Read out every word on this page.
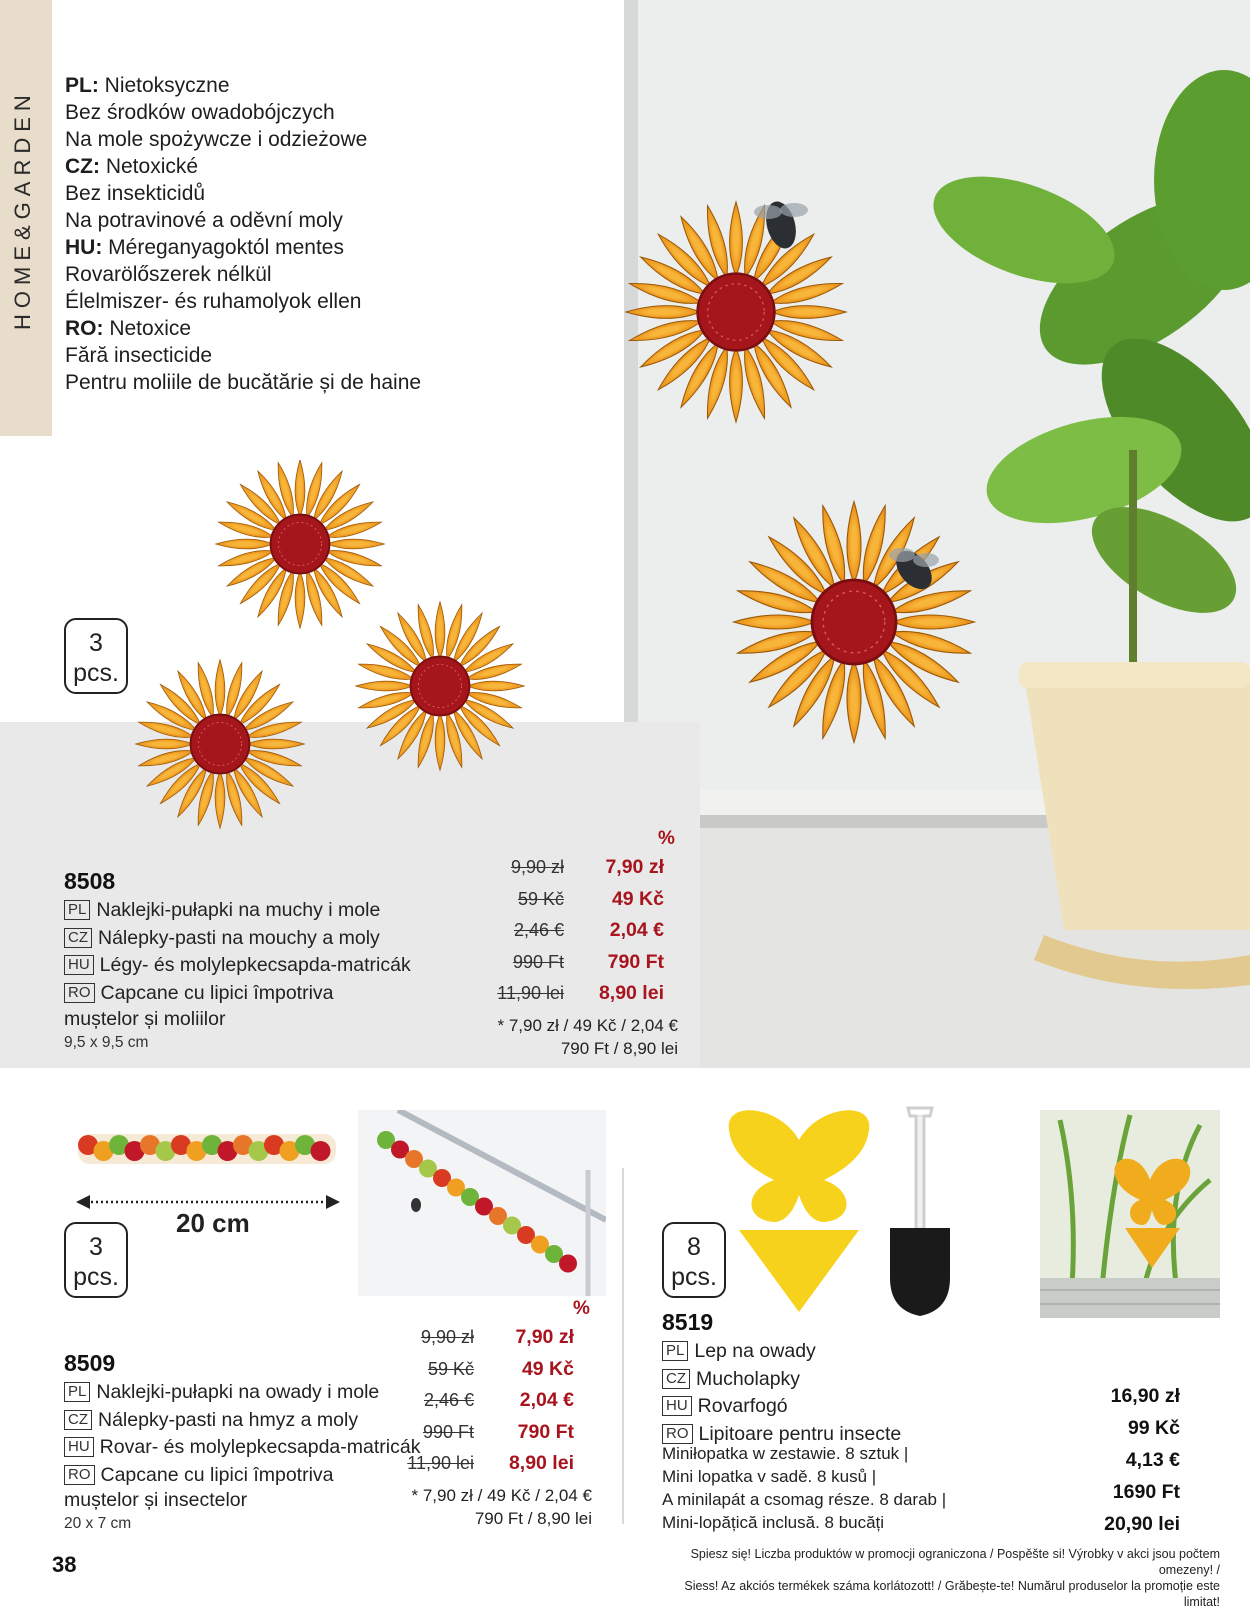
HOME&GARDEN
PL: Nietoksyczne
Bez środków owadobójczych
Na mole spożywcze i odzieżowe
CZ: Netoxické
Bez insekticidů
Na potravinové a oděvní moly
HU: Méreganyagoktól mentes
Rovarölőszerek nélkül
Élelmiszer- és ruhamolyok ellen
RO: Netoxice
Fără insecticide
Pentru moliile de bucătărie și de haine
3
pcs.
8508
PL Naklejki-pułapki na muchy i mole
CZ Nálepky-pasti na mouchy a moly
HU Légy- és molylepkecsapda-matricák
RO Capcane cu lipici împotriva
muștelor și moliilor
9,5 x 9,5 cm
%
9,90 zł	7,90 zł
59 Kč	49 Kč
2,46 €	2,04 €
990 Ft	790 Ft
11,90 lei	8,90 lei
* 7,90 zł / 49 Kč / 2,04 €
790 Ft / 8,90 lei
20 cm
3
pcs.
8509
PL Naklejki-pułapki na owady i mole
CZ Nálepky-pasti na hmyz a moly
HU Rovar- és molylepkecsapda-matricák
RO Capcane cu lipici împotriva
muștelor și insectelor
20 x 7 cm
%
9,90 zł	7,90 zł
59 Kč	49 Kč
2,46 €	2,04 €
990 Ft	790 Ft
11,90 lei	8,90 lei
* 7,90 zł / 49 Kč / 2,04 €
790 Ft / 8,90 lei
8
pcs.
8519
PL Lep na owady
CZ Mucholapky
HU Rovarfogó
RO Lipitoare pentru insecte
Miniłopatka w zestawie. 8 sztuk |
Mini lopatka v sadě. 8 kusů |
A minilapát a csomag része. 8 darab |
Mini-lopățică inclusă. 8 bucăți
16,90 zł
99 Kč
4,13 €
1690 Ft
20,90 lei
38	Spiesz się! Liczba produktów w promocji ograniczona / Pospěšte si! Výrobky v akci jsou počtem omezeny! /
Siess! Az akciós termékek száma korlátozott! / Grăbește-te! Numărul produselor la promoție este limitat!
